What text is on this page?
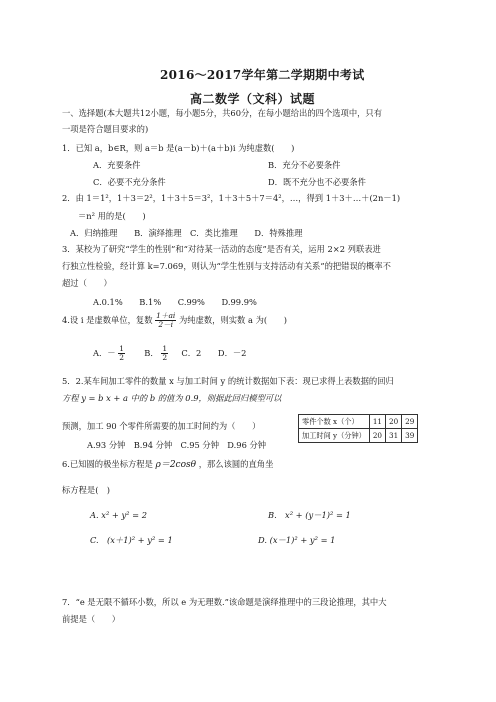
2016～2017学年第二学期期中考试
高二数学（文科）试题
一、选择题(本大题共12小题，每小题5分，共60分，在每小题给出的四个选项中，只有
一项是符合题目要求的)
1．已知 a，b∈R，则 a＝b 是(a－b)＋(a＋b)i 为纯虚数(　　)
A．充要条件	B．充分不必要条件
C．必要不充分条件	D．既不充分也不必要条件
2．由 1＝1²，1＋3＝2²，1＋3＋5＝3²，1＋3＋5＋7＝4²，…，得到 1＋3＋…＋(2n－1)
＝n² 用的是(　　)
A．归纳推理　　B．演绎推理　C．类比推理　　D．特殊推理
3．某校为了研究“学生的性别”和“对待某一活动的态度”是否有关，运用 2×2 列联表进
行独立性检验，经计算 k=7.069，则认为“学生性别与支持活动有关系”的把错误的概率不
超过（　　）
A.0.1%　　B.1%　　C.99%　　D.99.9%
4.设 i 是虚数单位，复数 $\frac{1+ai}{2-i}$ 为纯虚数，则实数 a 为(　　)
A．－ $\frac{1}{2}$ B． $\frac{1}{2}$ C．2　　D．－2
5．2.某车间加工零件的数量 x 与加工时间 y 的统计数据如下表：现已求得上表数据的回归
方程 y = b x + a 中的 b 的值为 0.9，则据此回归模型可以
预测，加工 90 个零件所需要的加工时间约为（　　）
A.93 分钟　B.94 分钟　C.95 分钟　D.96 分钟
零件个数 x（个）	11	20	29
加工时间 y（分钟）	20	31	39
6.已知圆的极坐标方程是 ρ＝2cosθ ，那么该圆的直角坐
标方程是(　)
A. x² + y² = 2	B.　x² + (y－1)² = 1
C.　(x＋1)² + y² = 1	D. (x－1)² + y² = 1
7．“e 是无限不循环小数，所以 e 为无理数.”该命题是演绎推理中的三段论推理，其中大
前提是（　　）
